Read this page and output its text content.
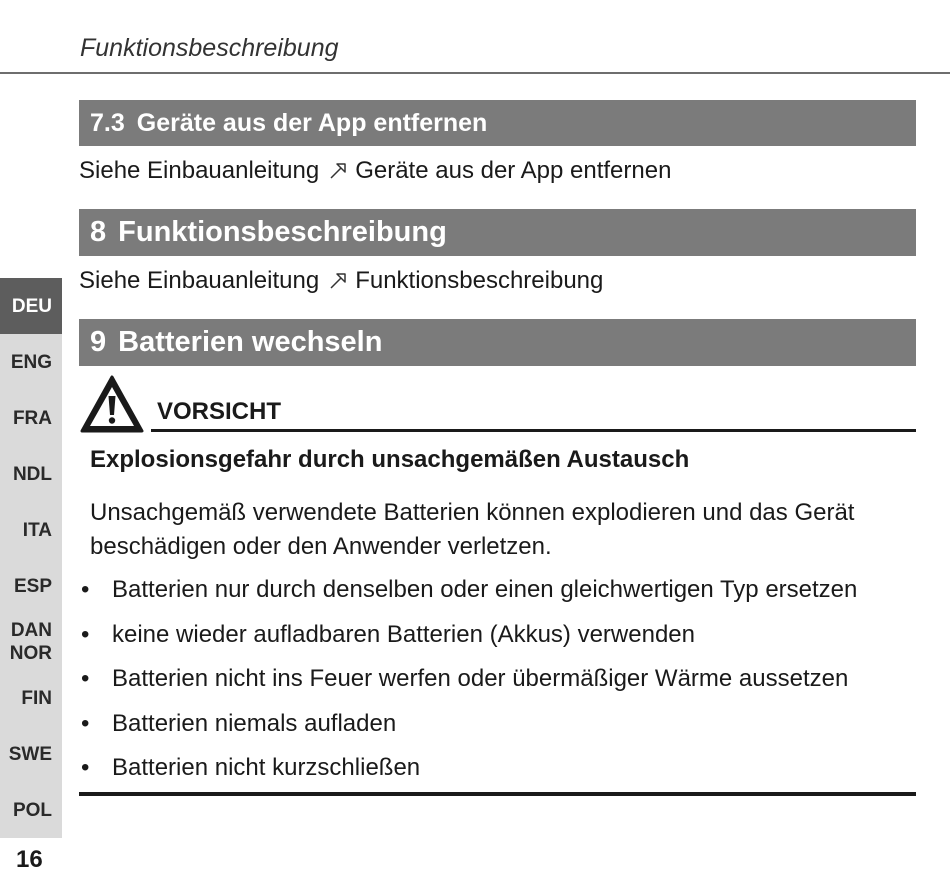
Funktionsbeschreibung
7.3 Geräte aus der App entfernen
Siehe Einbauanleitung Geräte aus der App entfernen
8 Funktionsbeschreibung
Siehe Einbauanleitung Funktionsbeschreibung
9 Batterien wechseln
VORSICHT
Explosionsgefahr durch unsachgemäßen Austausch
Unsachgemäß verwendete Batterien können explodieren und das Gerät beschädigen oder den Anwender verletzen.
• Batterien nur durch denselben oder einen gleichwertigen Typ ersetzen
• keine wieder aufladbaren Batterien (Akkus) verwenden
• Batterien nicht ins Feuer werfen oder übermäßiger Wärme aussetzen
• Batterien niemals aufladen
• Batterien nicht kurzschließen
DEU
ENG
FRA
NDL
ITA
ESP
DAN
NOR
FIN
SWE
POL
16
